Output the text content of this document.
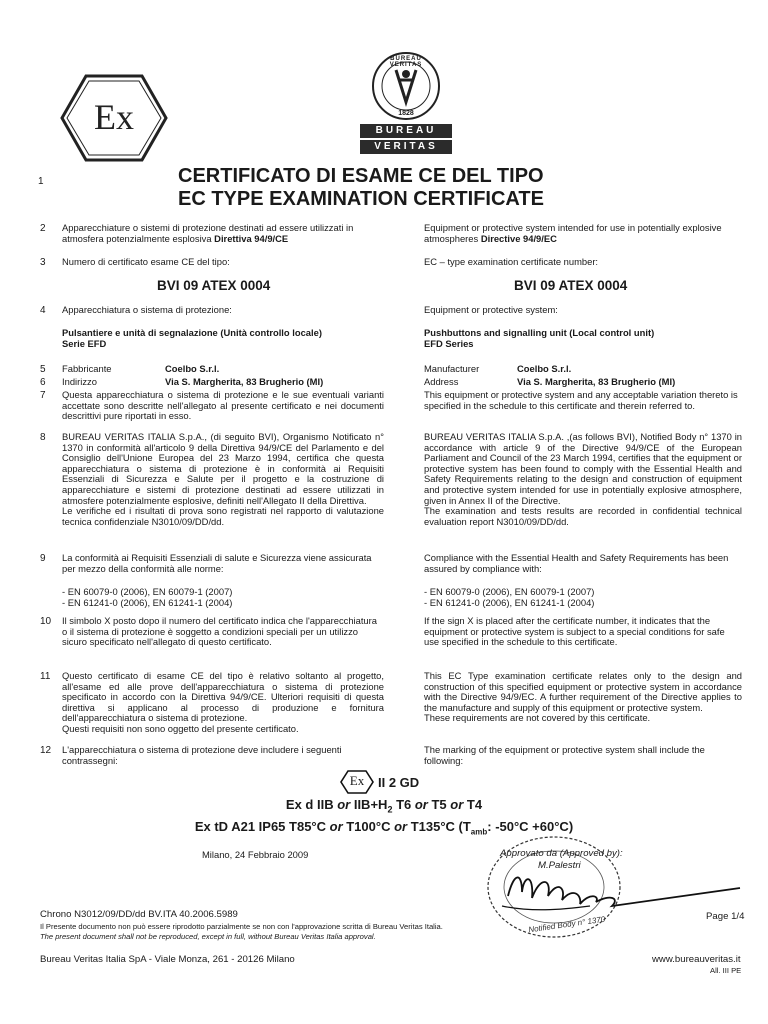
Ex
BUREAU VERITAS
1828
BUREAU
VERITAS
1	CERTIFICATO DI ESAME CE DEL TIPO
EC TYPE EXAMINATION CERTIFICATE
2 Apparecchiature o sistemi di protezione destinati ad essere utilizzati in atmosfera potenzialmente esplosiva Direttiva 94/9/CE
Equipment or protective system intended for use in potentially explosive atmospheres Directive 94/9/EC
3 Numero di certificato esame CE del tipo:	EC – type examination certificate number:
BVI 09 ATEX 0004	BVI 09 ATEX 0004
4 Apparecchiatura o sistema di protezione:	Equipment or protective system:
Pulsantiere e unità di segnalazione (Unità controllo locale)
Serie EFD
Pushbuttons and signalling unit (Local control unit)
EFD Series
5 Fabbricante	Coelbo S.r.l.	Manufacturer	Coelbo S.r.l.
6 Indirizzo	Via S. Margherita, 83 Brugherio (MI)	Address	Via S. Margherita, 83 Brugherio (MI)
7 Questa apparecchiatura o sistema di protezione e le sue eventuali varianti accettate sono descritte nell'allegato al presente certificato e nei documenti descrittivi pure riportati in esso.
This equipment or protective system and any acceptable variation thereto is specified in the schedule to this certificate and therein referred to.
8 BUREAU VERITAS ITALIA S.p.A., (di seguito BVI), Organismo Notificato n° 1370 in conformità all'articolo 9 della Direttiva 94/9/CE del Parlamento e del Consiglio dell'Unione Europea del 23 Marzo 1994, certifica che questa apparecchiatura o sistema di protezione è in conformità ai Requisiti Essenziali di Sicurezza e Salute per il progetto e la costruzione di apparecchiature e sistemi di protezione destinati ad essere utilizzati in atmosfere potenzialmente esplosive, definiti nell'Allegato II della Direttiva.

Le verifiche ed i risultati di prova sono registrati nel rapporto di valutazione tecnica confidenziale N3010/09/DD/dd.

BUREAU VERITAS ITALIA S.p.A. ,(as follows BVI), Notified Body n° 1370 in accordance with article 9 of the Directive 94/9/CE of the European Parliament and Council of the 23 March 1994, certifies that the equipment or protective system has been found to comply with the Essential Health and Safety Requirements relating to the design and construction of equipment and protective system intended for use in potentially explosive atmosphere, given in Annex II of the Directive.

The examination and tests results are recorded in confidential technical evaluation report N3010/09/DD/dd.

9 La conformità ai Requisiti Essenziali di salute e Sicurezza viene assicurata per mezzo della conformità alle norme:
Compliance with the Essential Health and Safety Requirements has been assured by compliance with:
- EN 60079-0 (2006), EN 60079-1 (2007)
- EN 61241-0 (2006), EN 61241-1 (2004)
- EN 60079-0 (2006), EN 60079-1 (2007)
- EN 61241-0 (2006), EN 61241-1 (2004)
10 Il simbolo X posto dopo il numero del certificato indica che l'apparecchiatura o il sistema di protezione è soggetto a condizioni speciali per un utilizzo sicuro specificato nell'allegato di questo certificato.
If the sign X is placed after the certificate number, it indicates that the equipment or protective system is subject to a special conditions for safe use specified in the schedule to this certificate.
11 Questo certificato di esame CE del tipo è relativo soltanto al progetto, all'esame ed alle prove dell'apparecchiatura o sistema di protezione specificato in accordo con la Direttiva 94/9/CE. Ulteriori requisiti di questa direttiva si applicano al processo di produzione e fornitura dell'apparecchiatura o sistema di protezione.

Questi requisiti non sono oggetto del presente certificato.

This EC Type examination certificate relates only to the design and construction of this specified equipment or protective system in accordance with the Directive 94/9/EC. A further requirement of the Directive applies to the manufacture and supply of this equipment or protective system.

These requirements are not covered by this certificate.

12 L'apparecchiatura o sistema di protezione deve includere i seguenti contrassegni:
The marking of the equipment or protective system shall include the following:
Ex	II 2 GD
Ex d IIB or $IIB+H_2$ T6 or T5 or T4
Ex tD A21 IP65 T85°C or T100°C or T135°C ($T_{amb}$: -50°C +60°C)
Milano, 24 Febbraio 2009
Notified Body n° 1370
Approvato da (Approved by):
M.Palestri
Chrono N3012/09/DD/dd BV.ITA 40.2006.5989	Page 1/4
Il Presente documento non può essere riprodotto parzialmente se non con l'approvazione scritta di Bureau Veritas Italia.
The present document shall not be reproduced, except in full, without Bureau Veritas Italia approval.
Bureau Veritas Italia SpA - Viale Monza, 261 - 20126 Milano	www.bureauveritas.it
All. III PE
